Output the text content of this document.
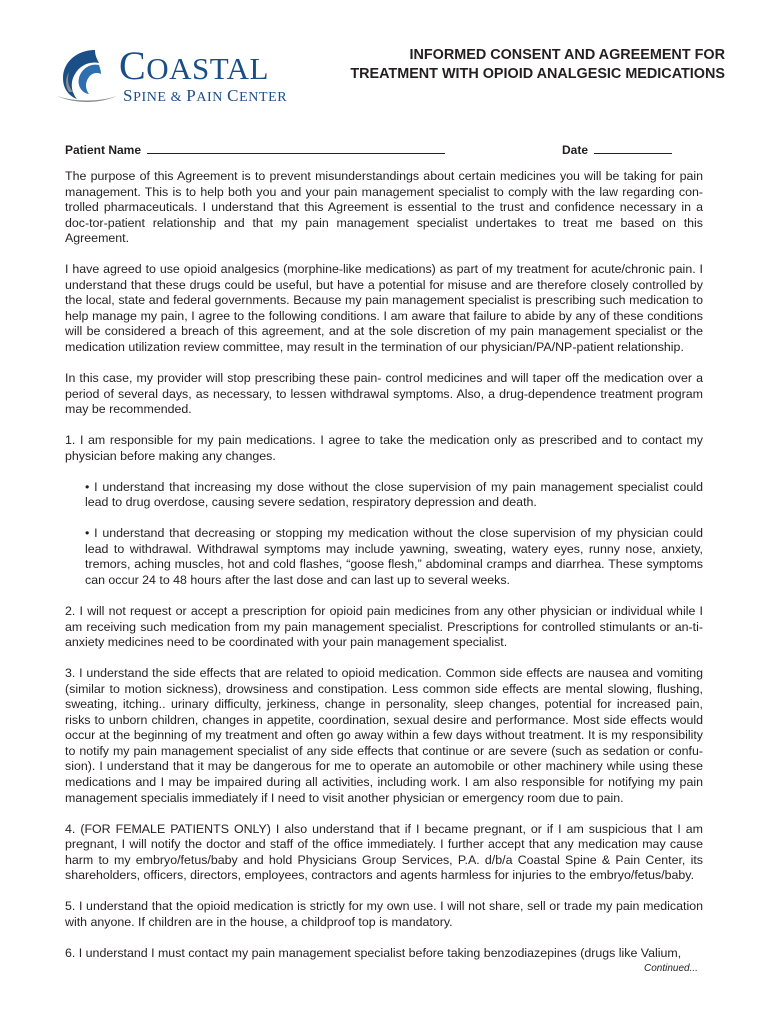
COASTAL
SPINE & PAIN CENTER
INFORMED CONSENT AND AGREEMENT FOR
TREATMENT WITH OPIOID ANALGESIC MEDICATIONS
Patient Name	Date

The purpose of this Agreement is to prevent misunderstandings about certain medicines you will be taking for pain management. This is to help both you and your pain management specialist to comply with the law regarding con-trolled pharmaceuticals. I understand that this Agreement is essential to the trust and confidence necessary in a doc-tor-patient relationship and that my pain management specialist undertakes to treat me based on this Agreement.

I have agreed to use opioid analgesics (morphine-like medications) as part of my treatment for acute/chronic pain. I understand that these drugs could be useful, but have a potential for misuse and are therefore closely controlled by the local, state and federal governments. Because my pain management specialist is prescribing such medication to help manage my pain, I agree to the following conditions. I am aware that failure to abide by any of these conditions will be considered a breach of this agreement, and at the sole discretion of my pain management specialist or the medication utilization review committee, may result in the termination of our physician/PA/NP-patient relationship.

In this case, my provider will stop prescribing these pain- control medicines and will taper off the medication over a period of several days, as necessary, to lessen withdrawal symptoms. Also, a drug-dependence treatment program may be recommended.

1. I am responsible for my pain medications. I agree to take the medication only as prescribed and to contact my physician before making any changes.

• I understand that increasing my dose without the close supervision of my pain management specialist could lead to drug overdose, causing severe sedation, respiratory depression and death.

• I understand that decreasing or stopping my medication without the close supervision of my physician could lead to withdrawal. Withdrawal symptoms may include yawning, sweating, watery eyes, runny nose, anxiety, tremors, aching muscles, hot and cold flashes, “goose flesh,” abdominal cramps and diarrhea. These symptoms can occur 24 to 48 hours after the last dose and can last up to several weeks.

2. I will not request or accept a prescription for opioid pain medicines from any other physician or individual while I am receiving such medication from my pain management specialist. Prescriptions for controlled stimulants or an-ti-anxiety medicines need to be coordinated with your pain management specialist.

3. I understand the side effects that are related to opioid medication. Common side effects are nausea and vomiting (similar to motion sickness), drowsiness and constipation. Less common side effects are mental slowing, flushing, sweating, itching.. urinary difficulty, jerkiness, change in personality, sleep changes, potential for increased pain, risks to unborn children, changes in appetite, coordination, sexual desire and performance. Most side effects would occur at the beginning of my treatment and often go away within a few days without treatment. It is my responsibility to notify my pain management specialist of any side effects that continue or are severe (such as sedation or confu-sion). I understand that it may be dangerous for me to operate an automobile or other machinery while using these medications and I may be impaired during all activities, including work. I am also responsible for notifying my pain management specialis immediately if I need to visit another physician or emergency room due to pain.

4. (FOR FEMALE PATIENTS ONLY) I also understand that if I became pregnant, or if I am suspicious that I am pregnant, I will notify the doctor and staff of the office immediately. I further accept that any medication may cause harm to my embryo/fetus/baby and hold Physicians Group Services, P.A. d/b/a Coastal Spine & Pain Center, its shareholders, officers, directors, employees, contractors and agents harmless for injuries to the embryo/fetus/baby.

5. I understand that the opioid medication is strictly for my own use. I will not share, sell or trade my pain medication with anyone. If children are in the house, a childproof top is mandatory.

6. I understand I must contact my pain management specialist before taking benzodiazepines (drugs like Valium,

Continued...
